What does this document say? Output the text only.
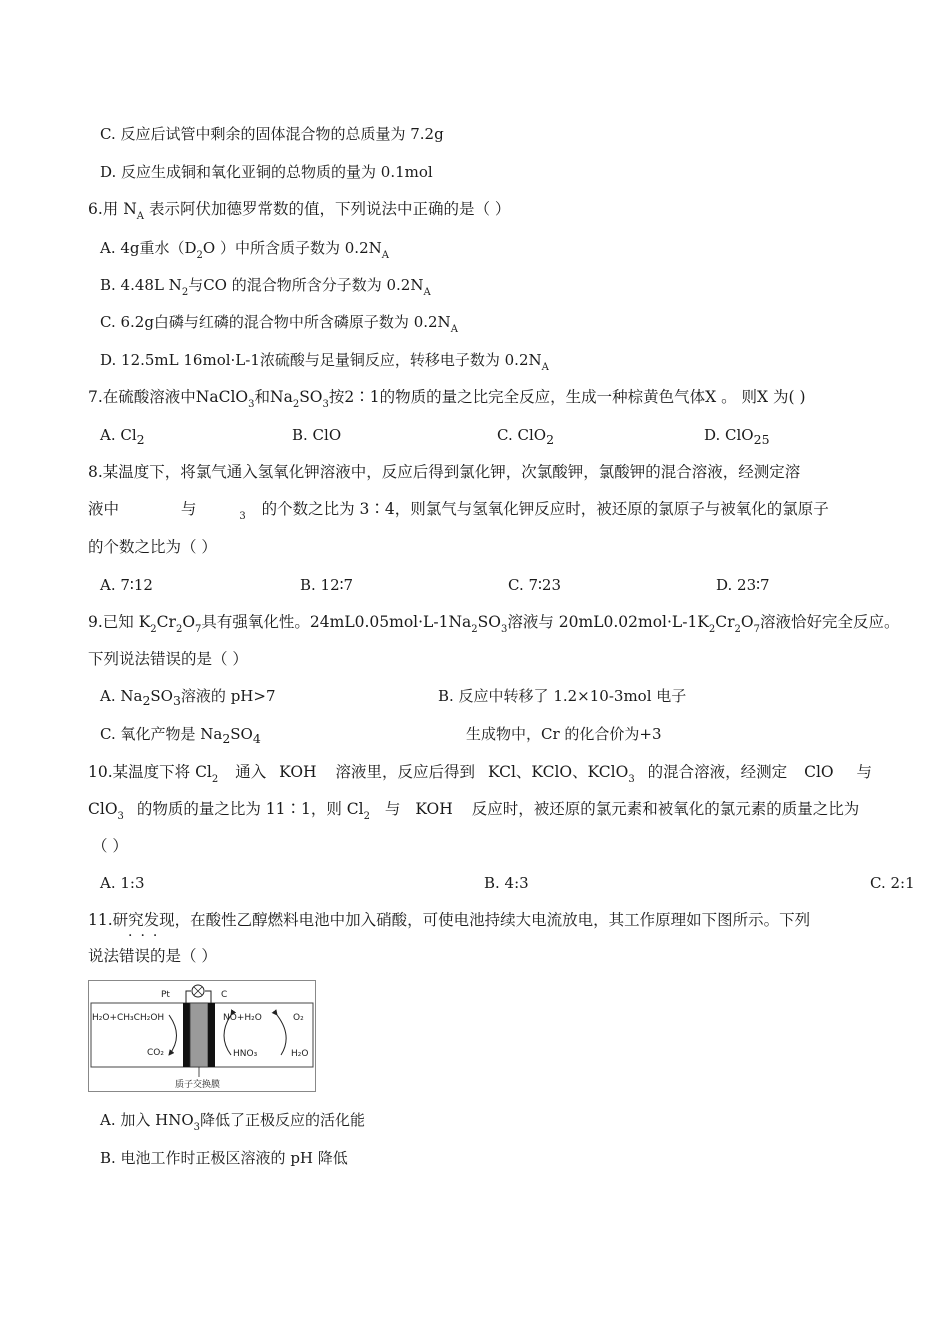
C. 反应后试管中剩余的固体混合物的总质量为 7.2g
D. 反应生成铜和氧化亚铜的总物质的量为 0.1mol
6.用 $N_A$ 表示阿伏加德罗常数的值，下列说法中正确的是（ ）
A. 4g重水（$D_2O$ ）中所含质子数为 $0.2N_A$
B. 4.48L $N_2$与CO 的混合物所含分子数为 $0.2N_A$
C. 6.2g白磷与红磷的混合物中所含磷原子数为 $0.2N_A$
D. 12.5mL 16mol·L-1浓硫酸与足量铜反应，转移电子数为 $0.2N_A$
7.在硫酸溶液中NaClO$_3$和$Na_2SO_3$按2∶1的物质的量之比完全反应，生成一种棕黄色气体X 。 则X 为( )
A. $Cl_2$	B. ClO	C. ClO$_2$	D. ClO$_{25}$
8.某温度下，将氯气通入氢氧化钾溶液中，反应后得到氯化钾，次氯酸钾，氯酸钾的混合溶液，经测定溶
液中	与	$_3$ 的个数之比为 3∶4，则氯气与氢氧化钾反应时，被还原的氯原子与被氧化的氯原子
的个数之比为（ ）
A. 7∶12	B. 12∶7	C. 7∶23	D. 23∶7
9.已知 $K_2Cr_2O_7$具有强氧化性。$24mL0.05mol\cdot L-1Na_2SO_3$溶液与 $20mL0.02mol\cdot L-1K_2Cr_2O_7$溶液恰好完全反应。
下列说法错误的是（ ）
A. $Na_2SO_3$溶液的 pH>7	B. 反应中转移了 1.2×10-3mol 电子
C. 氧化产物是 $Na_2SO_4$	生成物中，Cr 的化合价为+3
10.某温度下将 $Cl_2$ 通入 KOH 溶液里，反应后得到 KCl、KClO、KClO$_3$ 的混合溶液，经测定 ClO 与
ClO$_3$ 的物质的量之比为 11∶1，则 $Cl_2$ 与 KOH 反应时，被还原的氯元素和被氧化的氯元素的质量之比为
（ ）
A. 1:3	B. 4:3	C. 2:1
11.研究发现，在酸性乙醇燃料电池中加入硝酸，可使电池持续大电流放电，其工作原理如下图所示。下列
···
说法错误的是（ ）
Pt	C
H₂O+CH₃CH₂OH
CO₂
NO+H₂O	O₂
HNO₃	H₂O
质子交换膜
A. 加入 $HNO_3$降低了正极反应的活化能
B. 电池工作时正极区溶液的 pH 降低
